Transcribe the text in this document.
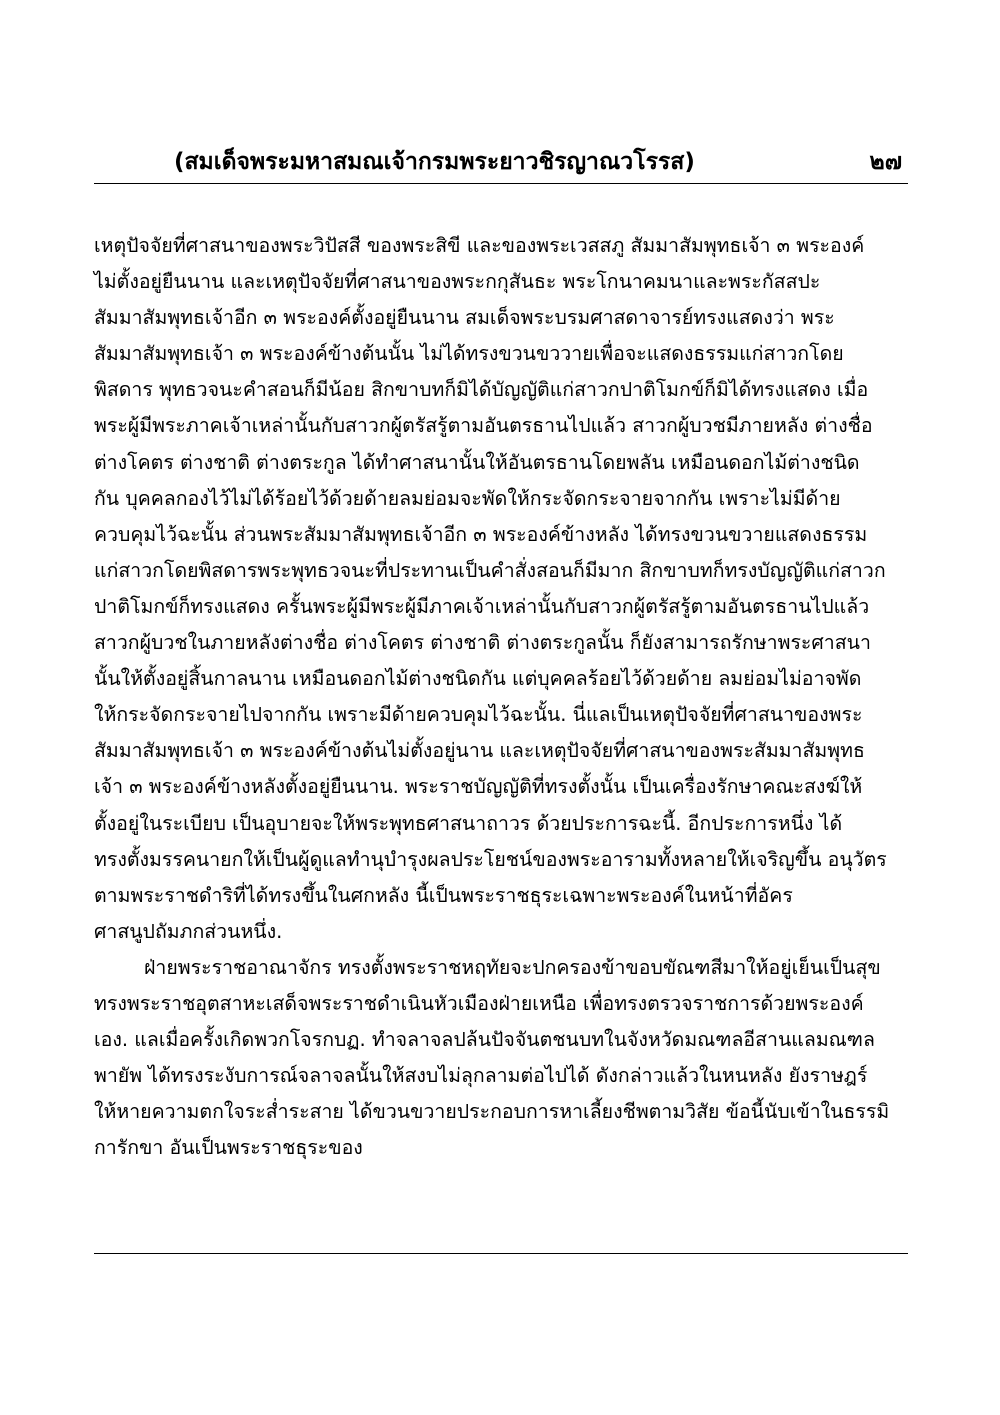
(สมเด็จพระมหาสมณเจ้ากรมพระยาวชิรญาณวโรรส)	๒๗

เหตุปัจจัยที่ศาสนาของพระวิปัสสี ของพระสิขี และของพระเวสสภู สัมมาสัมพุทธเจ้า ๓ พระองค์

ไม่ตั้งอยู่ยืนนาน และเหตุปัจจัยที่ศาสนาของพระกกุสันธะ พระโกนาคมนาและพระกัสสปะ

สัมมาสัมพุทธเจ้าอีก ๓ พระองค์ตั้งอยู่ยืนนาน สมเด็จพระบรมศาสดาจารย์ทรงแสดงว่า พระ

สัมมาสัมพุทธเจ้า ๓ พระองค์ข้างต้นนั้น ไม่ได้ทรงขวนขววายเพื่อจะแสดงธรรมแก่สาวกโดย

พิสดาร พุทธวจนะคำสอนก็มีน้อย สิกขาบทก็มิได้บัญญัติแก่สาวกปาติโมกข์ก็มิได้ทรงแสดง เมื่อ

พระผู้มีพระภาคเจ้าเหล่านั้นกับสาวกผู้ตรัสรู้ตามอันตรธานไปแล้ว สาวกผู้บวชมีภายหลัง ต่างชื่อ

ต่างโคตร ต่างชาติ ต่างตระกูล ได้ทำศาสนานั้นให้อันตรธานโดยพลัน เหมือนดอกไม้ต่างชนิด

กัน บุคคลกองไว้ไม่ได้ร้อยไว้ด้วยด้ายลมย่อมจะพัดให้กระจัดกระจายจากกัน เพราะไม่มีด้าย

ควบคุมไว้ฉะนั้น ส่วนพระสัมมาสัมพุทธเจ้าอีก ๓ พระองค์ข้างหลัง ได้ทรงขวนขวายแสดงธรรม

แก่สาวกโดยพิสดารพระพุทธวจนะที่ประทานเป็นคำสั่งสอนก็มีมาก สิกขาบทก็ทรงบัญญัติแก่สาวก

ปาติโมกข์ก็ทรงแสดง ครั้นพระผู้มีพระผู้มีภาคเจ้าเหล่านั้นกับสาวกผู้ตรัสรู้ตามอันตรธานไปแล้ว

สาวกผู้บวชในภายหลังต่างชื่อ ต่างโคตร ต่างชาติ ต่างตระกูลนั้น ก็ยังสามารถรักษาพระศาสนา

นั้นให้ตั้งอยู่สิ้นกาลนาน เหมือนดอกไม้ต่างชนิดกัน แต่บุคคลร้อยไว้ด้วยด้าย ลมย่อมไม่อาจพัด

ให้กระจัดกระจายไปจากกัน เพราะมีด้ายควบคุมไว้ฉะนั้น. นี่แลเป็นเหตุปัจจัยที่ศาสนาของพระ

สัมมาสัมพุทธเจ้า ๓ พระองค์ข้างต้นไม่ตั้งอยู่นาน และเหตุปัจจัยที่ศาสนาของพระสัมมาสัมพุทธ

เจ้า ๓ พระองค์ข้างหลังตั้งอยู่ยืนนาน. พระราชบัญญัติที่ทรงตั้งนั้น เป็นเครื่องรักษาคณะสงฆ์ให้

ตั้งอยู่ในระเบียบ เป็นอุบายจะให้พระพุทธศาสนาถาวร ด้วยประการฉะนี้. อีกประการหนึ่ง ได้

ทรงตั้งมรรคนายกให้เป็นผู้ดูแลทำนุบำรุงผลประโยชน์ของพระอารามทั้งหลายให้เจริญขึ้น อนุวัตร

ตามพระราชดำริที่ได้ทรงขึ้นในศกหลัง นี้เป็นพระราชธุระเฉพาะพระองค์ในหน้าที่อัคร

ศาสนูปถัมภกส่วนหนึ่ง.

ฝ่ายพระราชอาณาจักร ทรงตั้งพระราชหฤทัยจะปกครองข้าขอบขัณฑสีมาให้อยู่เย็นเป็นสุข

ทรงพระราชอุตสาหะเสด็จพระราชดำเนินหัวเมืองฝ่ายเหนือ เพื่อทรงตรวจราชการด้วยพระองค์

เอง. แลเมื่อครั้งเกิดพวกโจรกบฏ. ทำจลาจลปล้นปัจจันตชนบทในจังหวัดมณฑลอีสานแลมณฑล

พายัพ ได้ทรงระงับการณ์จลาจลนั้นให้สงบไม่ลุกลามต่อไปได้ ดังกล่าวแล้วในหนหลัง ยังราษฎร์

ให้หายความตกใจระส่ำระสาย ได้ขวนขวายประกอบการหาเลี้ยงชีพตามวิสัย ข้อนี้นับเข้าในธรรมิ

การักขา อันเป็นพระราชธุระของ
